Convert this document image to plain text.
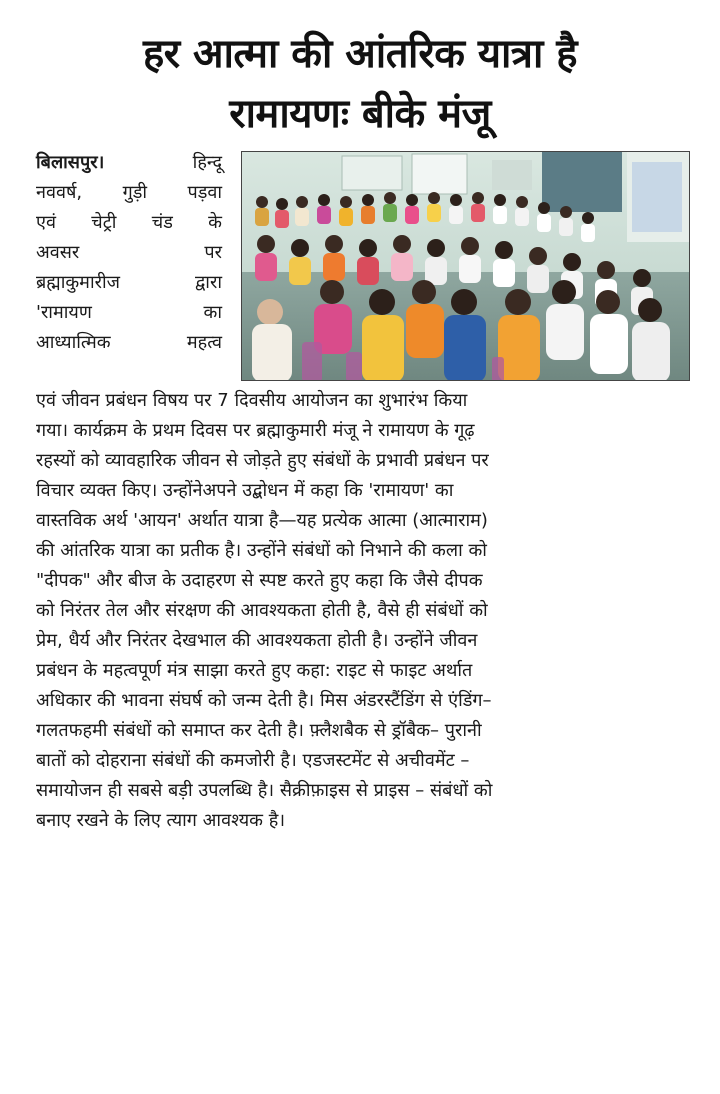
हर आत्मा की आंतरिक यात्रा है
रामायणः बीके मंजू
बिलासपुर।	हिन्दू
नववर्ष, गुड़ी पड़वा
एवं चेट्री चंड के
अवसर पर
ब्रह्माकुमारीज द्वारा
'रामायण का
आध्यात्मिक महत्व
एवं जीवन प्रबंधन विषय पर 7 दिवसीय आयोजन का शुभारंभ किया
गया। कार्यक्रम के प्रथम दिवस पर ब्रह्माकुमारी मंजू ने रामायण के गूढ़
रहस्यों को व्यावहारिक जीवन से जोड़ते हुए संबंधों के प्रभावी प्रबंधन पर
विचार व्यक्त किए। उन्होंनेअपने उद्बोधन में कहा कि 'रामायण' का
वास्तविक अर्थ 'आयन' अर्थात यात्रा है—यह प्रत्येक आत्मा (आत्माराम)
की आंतरिक यात्रा का प्रतीक है। उन्होंने संबंधों को निभाने की कला को
"दीपक" और बीज के उदाहरण से स्पष्ट करते हुए कहा कि जैसे दीपक
को निरंतर तेल और संरक्षण की आवश्यकता होती है, वैसे ही संबंधों को
प्रेम, धैर्य और निरंतर देखभाल की आवश्यकता होती है। उन्होंने जीवन
प्रबंधन के महत्वपूर्ण मंत्र साझा करते हुए कहा: राइट से फाइट अर्थात
अधिकार की भावना संघर्ष को जन्म देती है। मिस अंडरस्टैंडिंग से एंडिंग–
गलतफहमी संबंधों को समाप्त कर देती है। फ़्लैशबैक से ड्रॉबैक– पुरानी
बातों को दोहराना संबंधों की कमजोरी है। एडजस्टमेंट से अचीवमेंट –
समायोजन ही सबसे बड़ी उपलब्धि है। सैक्रीफ़ाइस से प्राइस – संबंधों को
बनाए रखने के लिए त्याग आवश्यक है।
